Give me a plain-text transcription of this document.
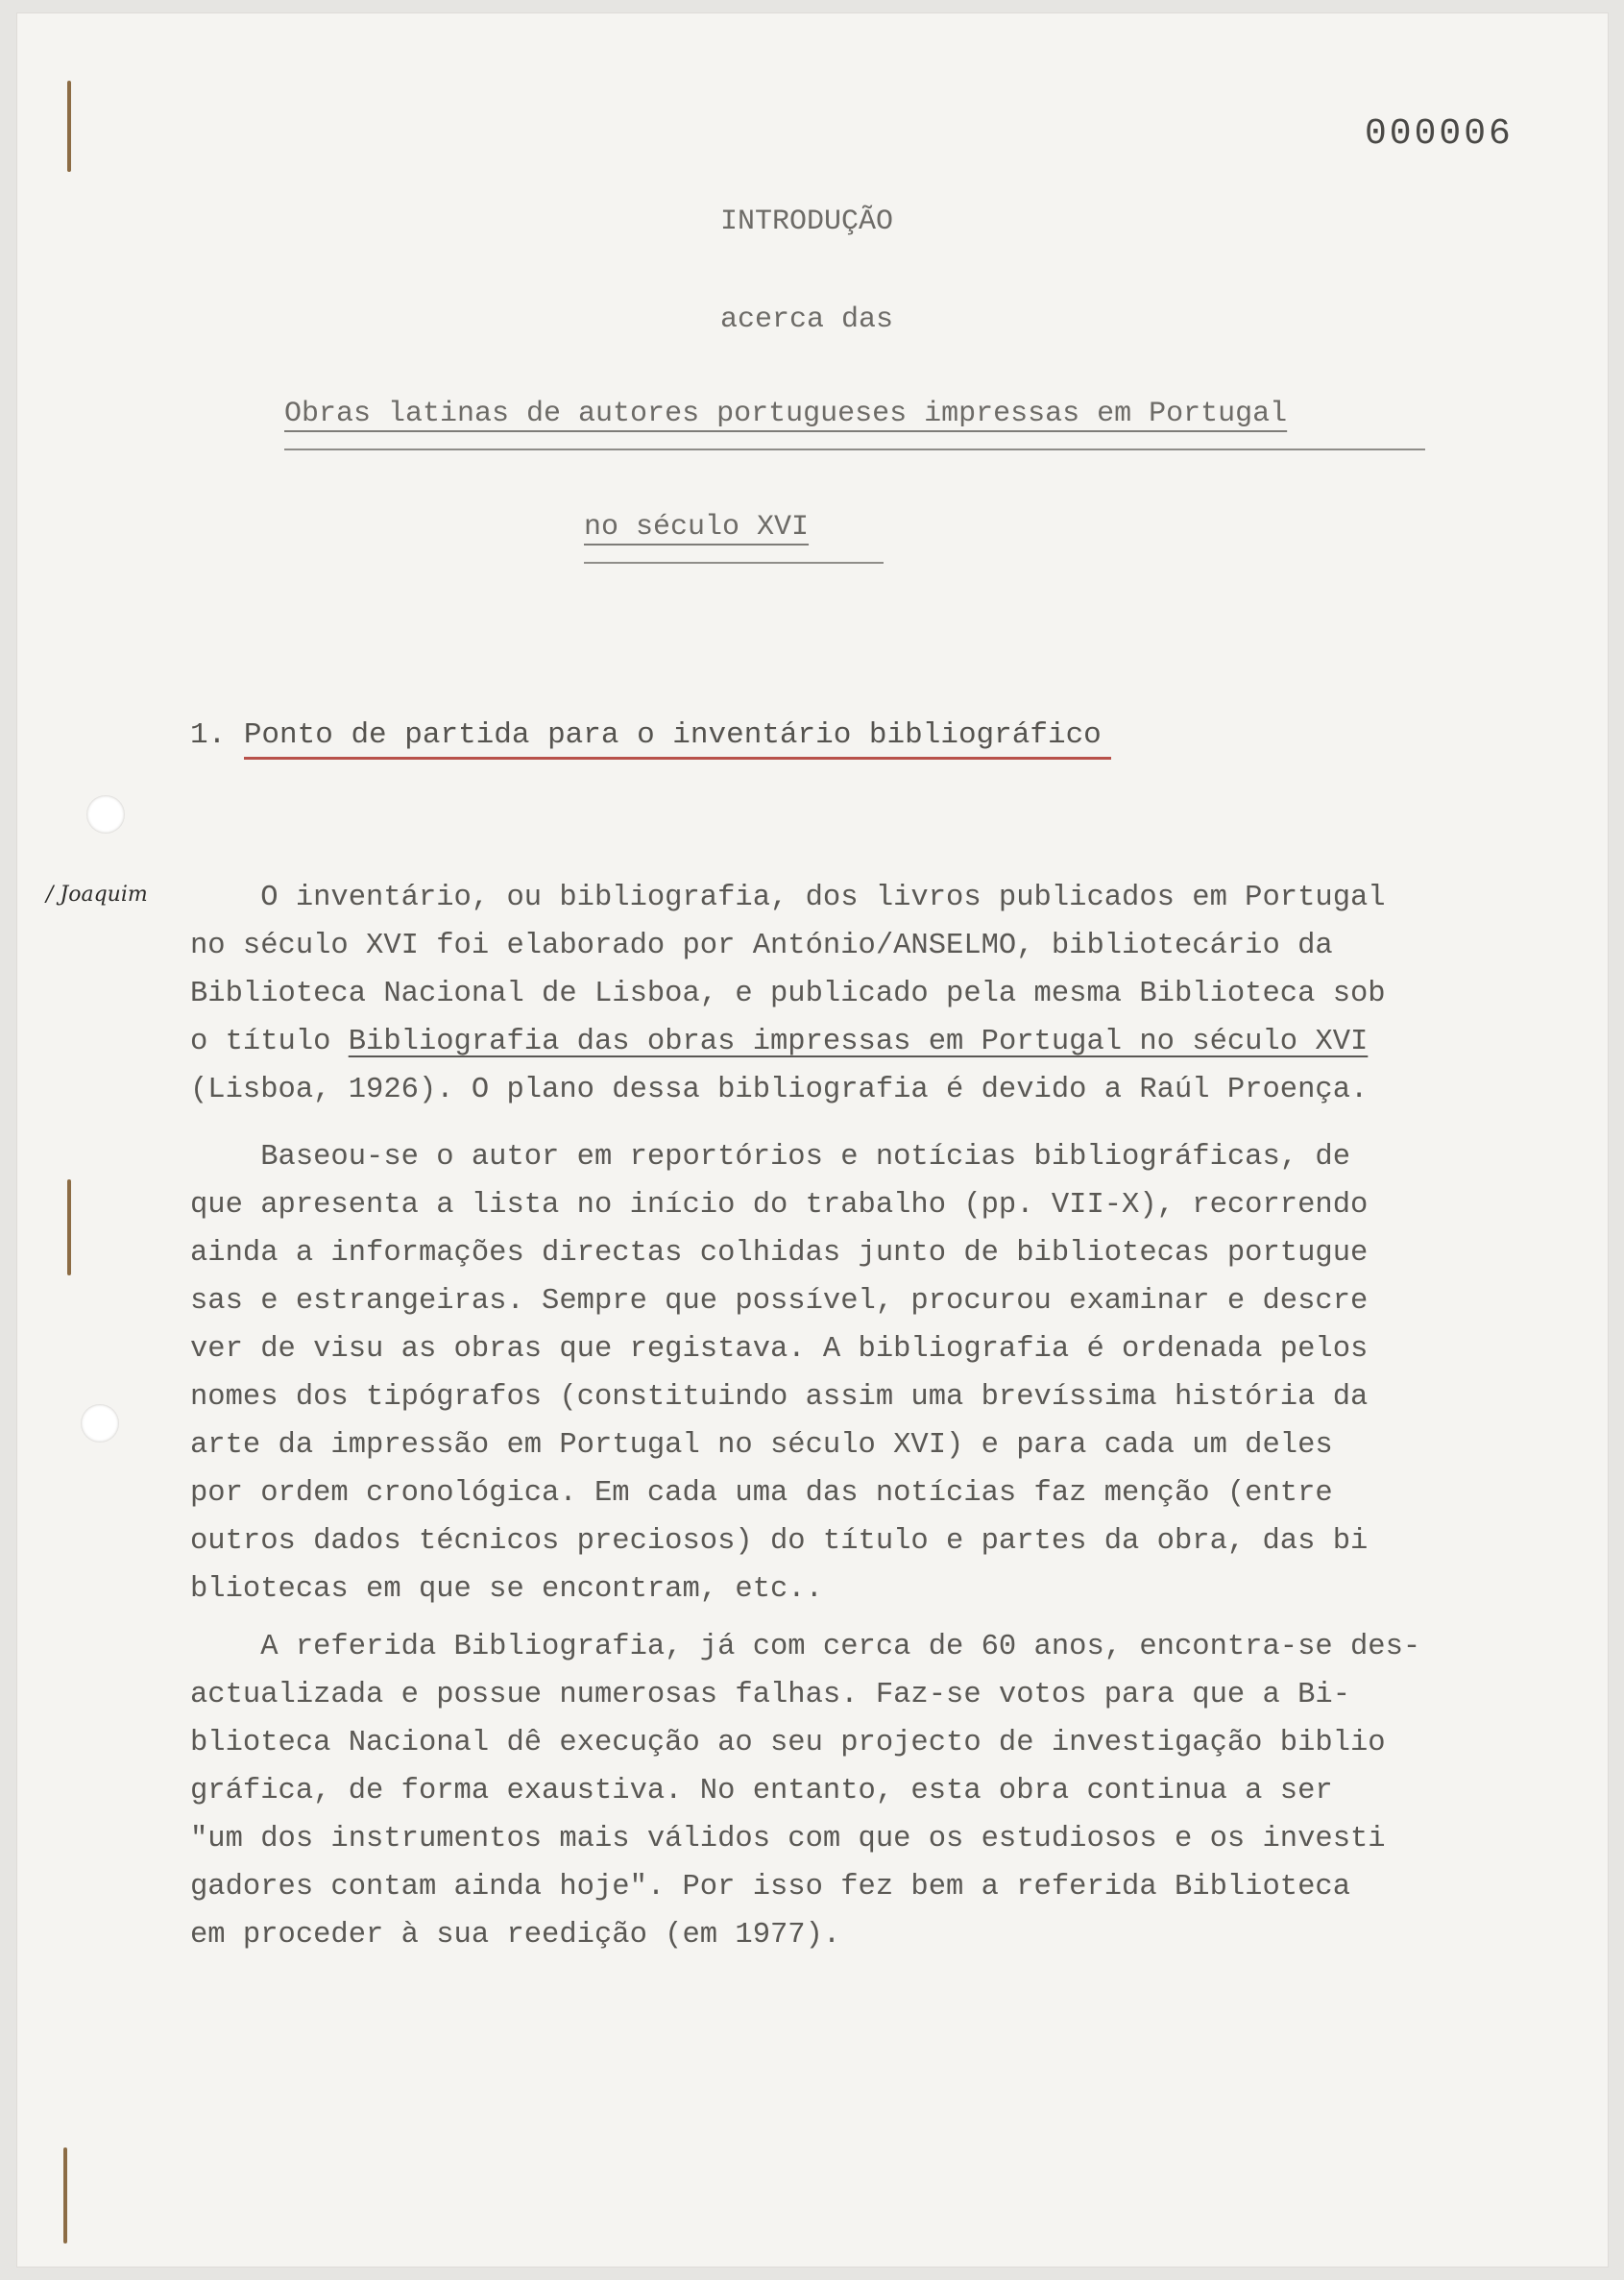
000006
INTRODUÇÃO
acerca das
Obras latinas de autores portugueses impressas em Portugal
no século XVI
1. Ponto de partida para o inventário bibliográfico
/ Joaquim O inventário, ou bibliografia, dos livros publicados em Portugal
no século XVI foi elaborado por António/ANSELMO, bibliotecário da
Biblioteca Nacional de Lisboa, e publicado pela mesma Biblioteca sob
o título Bibliografia das obras impressas em Portugal no século XVI
(Lisboa, 1926). O plano dessa bibliografia é devido a Raúl Proença.
Baseou-se o autor em reportórios e notícias bibliográficas, de
que apresenta a lista no início do trabalho (pp. VII-X), recorrendo
ainda a informações directas colhidas junto de bibliotecas portugue
sas e estrangeiras. Sempre que possível, procurou examinar e descre
ver de visu as obras que registava. A bibliografia é ordenada pelos
nomes dos tipógrafos (constituindo assim uma brevíssima história da
arte da impressão em Portugal no século XVI) e para cada um deles
por ordem cronológica. Em cada uma das notícias faz menção (entre
outros dados técnicos preciosos) do título e partes da obra, das bi
bliotecas em que se encontram, etc..
A referida Bibliografia, já com cerca de 60 anos, encontra-se des-
actualizada e possue numerosas falhas. Faz-se votos para que a Bi-
blioteca Nacional dê execução ao seu projecto de investigação biblio
gráfica, de forma exaustiva. No entanto, esta obra continua a ser
"um dos instrumentos mais válidos com que os estudiosos e os investi
gadores contam ainda hoje". Por isso fez bem a referida Biblioteca
em proceder à sua reedição (em 1977).
